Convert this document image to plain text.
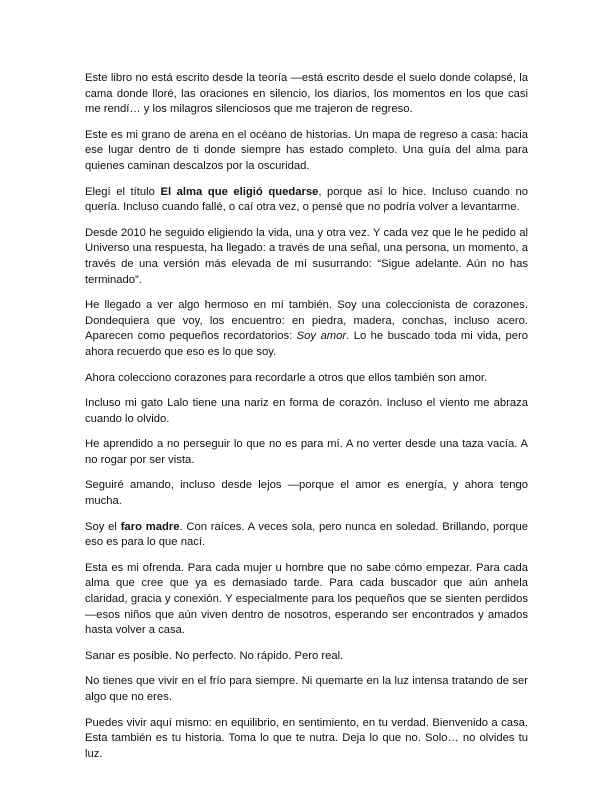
Este libro no está escrito desde la teoría —está escrito desde el suelo donde colapsé, la cama donde lloré, las oraciones en silencio, los diarios, los momentos en los que casi me rendí… y los milagros silenciosos que me trajeron de regreso.

Este es mi grano de arena en el océano de historias. Un mapa de regreso a casa: hacia ese lugar dentro de ti donde siempre has estado completo. Una guía del alma para quienes caminan descalzos por la oscuridad.

Elegí el título El alma que eligió quedarse, porque así lo hice. Incluso cuando no quería. Incluso cuando fallé, o caí otra vez, o pensé que no podría volver a levantarme.

Desde 2010 he seguido eligiendo la vida, una y otra vez. Y cada vez que le he pedido al Universo una respuesta, ha llegado: a través de una señal, una persona, un momento, a través de una versión más elevada de mí susurrando: “Sigue adelante. Aún no has terminado”.

He llegado a ver algo hermoso en mí también. Soy una coleccionista de corazones. Dondequiera que voy, los encuentro: en piedra, madera, conchas, incluso acero. Aparecen como pequeños recordatorios: Soy amor. Lo he buscado toda mi vida, pero ahora recuerdo que eso es lo que soy.

Ahora colecciono corazones para recordarle a otros que ellos también son amor.

Incluso mi gato Lalo tiene una nariz en forma de corazón. Incluso el viento me abraza cuando lo olvido.

He aprendido a no perseguir lo que no es para mí. A no verter desde una taza vacía. A no rogar por ser vista.

Seguiré amando, incluso desde lejos —porque el amor es energía, y ahora tengo mucha.

Soy el faro madre. Con raíces. A veces sola, pero nunca en soledad. Brillando, porque eso es para lo que nací.

Esta es mi ofrenda. Para cada mujer u hombre que no sabe cómo empezar. Para cada alma que cree que ya es demasiado tarde. Para cada buscador que aún anhela claridad, gracia y conexión. Y especialmente para los pequeños que se sienten perdidos —esos niños que aún viven dentro de nosotros, esperando ser encontrados y amados hasta volver a casa.

Sanar es posible. No perfecto. No rápido. Pero real.

No tienes que vivir en el frío para siempre. Ni quemarte en la luz intensa tratando de ser algo que no eres.

Puedes vivir aquí mismo: en equilibrio, en sentimiento, en tu verdad. Bienvenido a casa. Esta también es tu historia. Toma lo que te nutra. Deja lo que no. Solo… no olvides tu luz.
